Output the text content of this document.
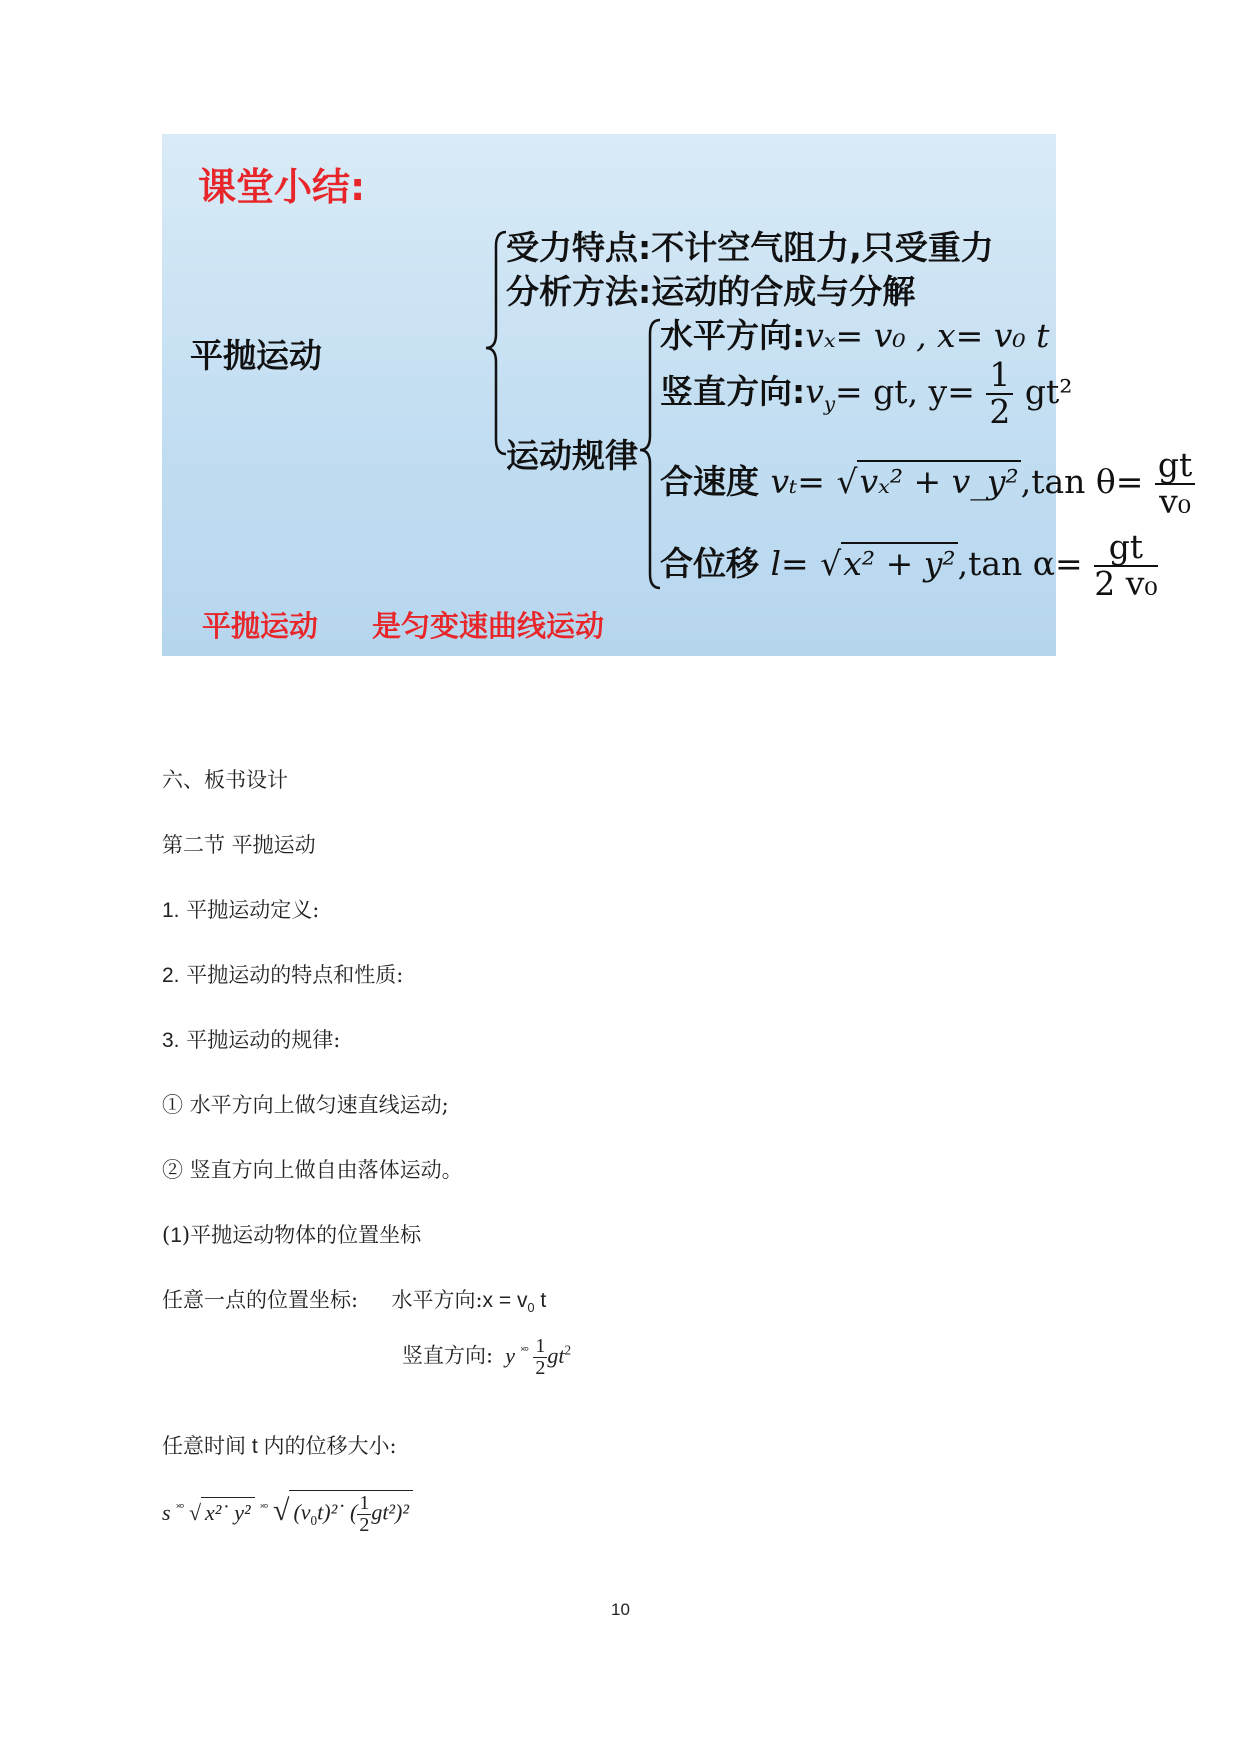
课堂小结:
平抛运动
受力特点:不计空气阻力,只受重力
分析方法:运动的合成与分解
运动规律
水平方向:vₓ= v₀ , x= v₀ t
竖直方向$:v_y=$ gt, $y= \frac{1}{2} gt^2$
合速度 vₜ= √vₓ² + v_y²,tan $\theta= \frac{gt}{\text{v₀}}$
合位移 l= √x² + y²,tan $\alpha= \frac{gt}{\text{2 v₀}}$
平抛运动 是匀变速曲线运动
六、板书设计
第二节 平抛运动
1. 平抛运动定义:
2. 平抛运动的特点和性质:
3. 平抛运动的规律:
① 水平方向上做匀速直线运动;
② 竖直方向上做自由落体运动。
(1)平抛运动物体的位置坐标
任意一点的位置坐标: 水平方向:x = $v_0$ t
竖直方向: y $^{˟^\circ} \frac{1}{2} gt^2$
任意时间 t 内的位移大小:
s ˟° √ x²˙ y² ˟° √ $(v_0t)^2˙$ ( $\frac{1}{2} gt^2)^2$
10
